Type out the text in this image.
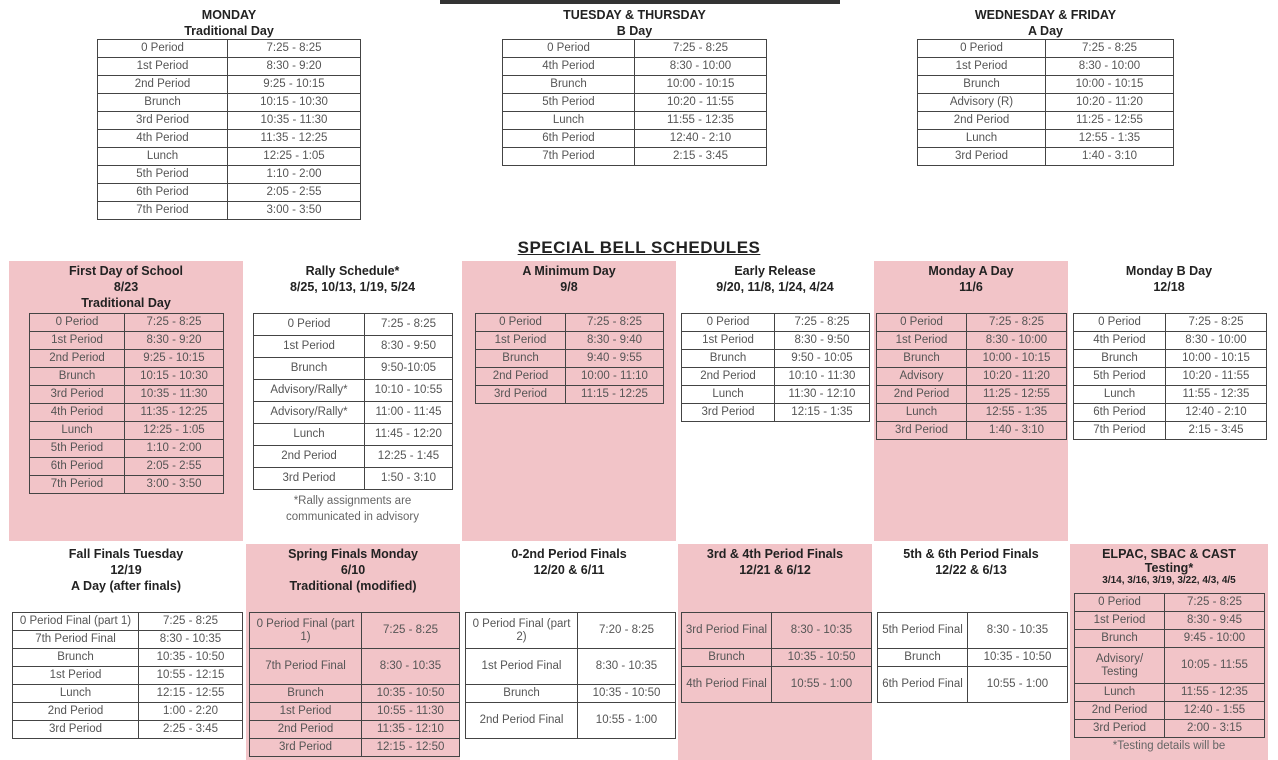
MONDAY
Traditional Day
0 Period	7:25 - 8:25
1st Period	8:30 - 9:20
2nd Period	9:25 - 10:15
Brunch	10:15 - 10:30
3rd Period	10:35 - 11:30
4th Period	11:35 - 12:25
Lunch	12:25 - 1:05
5th Period	1:10 - 2:00
6th Period	2:05 - 2:55
7th Period	3:00 - 3:50
TUESDAY & THURSDAY
B Day
0 Period	7:25 - 8:25
4th Period	8:30 - 10:00
Brunch	10:00 - 10:15
5th Period	10:20 - 11:55
Lunch	11:55 - 12:35
6th Period	12:40 - 2:10
7th Period	2:15 - 3:45
WEDNESDAY & FRIDAY
A Day
0 Period	7:25 - 8:25
1st Period	8:30 - 10:00
Brunch	10:00 - 10:15
Advisory (R)	10:20 - 11:20
2nd Period	11:25 - 12:55
Lunch	12:55 - 1:35
3rd Period	1:40 - 3:10
SPECIAL BELL SCHEDULES
First Day of School
8/23
Traditional Day
0 Period	7:25 - 8:25
1st Period	8:30 - 9:20
2nd Period	9:25 - 10:15
Brunch	10:15 - 10:30
3rd Period	10:35 - 11:30
4th Period	11:35 - 12:25
Lunch	12:25 - 1:05
5th Period	1:10 - 2:00
6th Period	2:05 - 2:55
7th Period	3:00 - 3:50
Rally Schedule*
8/25, 10/13, 1/19, 5/24
0 Period	7:25 - 8:25
1st Period	8:30 - 9:50
Brunch	9:50-10:05
Advisory/Rally*	10:10 - 10:55
Advisory/Rally*	11:00 - 11:45
Lunch	11:45 - 12:20
2nd Period	12:25 - 1:45
3rd Period	1:50 - 3:10
*Rally assignments are
communicated in advisory
A Minimum Day
9/8
0 Period	7:25 - 8:25
1st Period	8:30 - 9:40
Brunch	9:40 - 9:55
2nd Period	10:00 - 11:10
3rd Period	11:15 - 12:25
Early Release
9/20, 11/8, 1/24, 4/24
0 Period	7:25 - 8:25
1st Period	8:30 - 9:50
Brunch	9:50 - 10:05
2nd Period	10:10 - 11:30
Lunch	11:30 - 12:10
3rd Period	12:15 - 1:35
Monday A Day
11/6
0 Period	7:25 - 8:25
1st Period	8:30 - 10:00
Brunch	10:00 - 10:15
Advisory	10:20 - 11:20
2nd Period	11:25 - 12:55
Lunch	12:55 - 1:35
3rd Period	1:40 - 3:10
Monday B Day
12/18
0 Period	7:25 - 8:25
4th Period	8:30 - 10:00
Brunch	10:00 - 10:15
5th Period	10:20 - 11:55
Lunch	11:55 - 12:35
6th Period	12:40 - 2:10
7th Period	2:15 - 3:45
Fall Finals Tuesday
12/19
A Day (after finals)
0 Period Final (part 1)	7:25 - 8:25
7th Period Final	8:30 - 10:35
Brunch	10:35 - 10:50
1st Period	10:55 - 12:15
Lunch	12:15 - 12:55
2nd Period	1:00 - 2:20
3rd Period	2:25 - 3:45
Spring Finals Monday
6/10
Traditional (modified)
0 Period Final (part 1)	7:25 - 8:25
7th Period Final	8:30 - 10:35
Brunch	10:35 - 10:50
1st Period	10:55 - 11:30
2nd Period	11:35 - 12:10
3rd Period	12:15 - 12:50
0-2nd Period Finals
12/20 & 6/11
0 Period Final (part 2)	7:20 - 8:25
1st Period Final	8:30 - 10:35
Brunch	10:35 - 10:50
2nd Period Final	10:55 - 1:00
3rd & 4th Period Finals
12/21 & 6/12
3rd Period Final	8:30 - 10:35
Brunch	10:35 - 10:50
4th Period Final	10:55 - 1:00
5th & 6th Period Finals
12/22 & 6/13
5th Period Final	8:30 - 10:35
Brunch	10:35 - 10:50
6th Period Final	10:55 - 1:00
ELPAC, SBAC & CAST
Testing*
3/14, 3/16, 3/19, 3/22, 4/3, 4/5
0 Period	7:25 - 8:25
1st Period	8:30 - 9:45
Brunch	9:45 - 10:00
Advisory/ Testing	10:05 - 11:55
Lunch	11:55 - 12:35
2nd Period	12:40 - 1:55
3rd Period	2:00 - 3:15
*Testing details will be
